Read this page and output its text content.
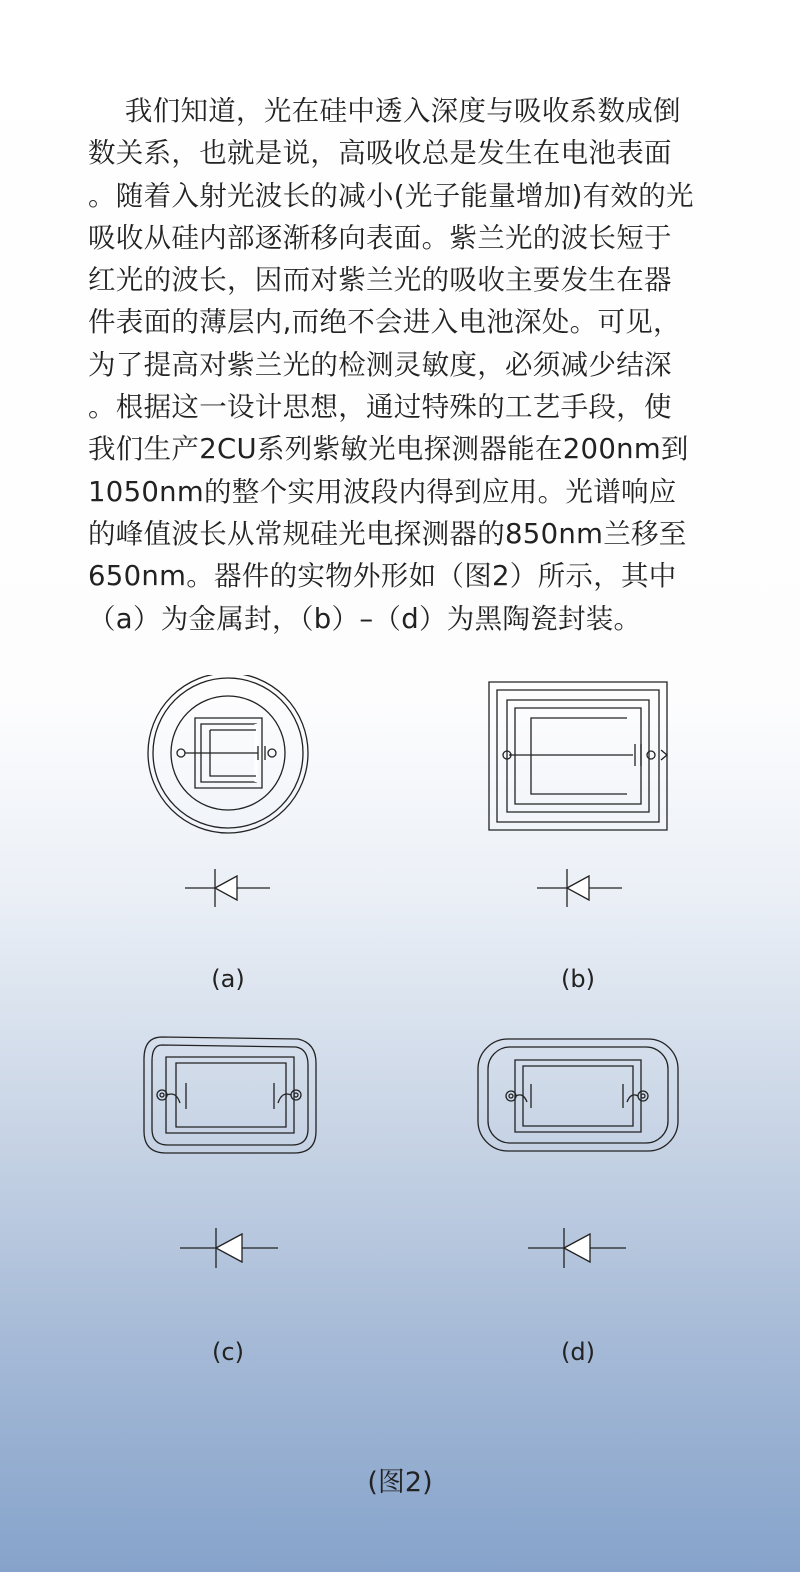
　 我们知道，光在硅中透入深度与吸收系数成倒
数关系，也就是说，高吸收总是发生在电池表面
。随着入射光波长的减小(光子能量增加)有效的光
吸收从硅内部逐渐移向表面。紫兰光的波长短于
红光的波长，因而对紫兰光的吸收主要发生在器
件表面的薄层内,而绝不会进入电池深处。可见，
为了提高对紫兰光的检测灵敏度，必须减少结深
。根据这一设计思想，通过特殊的工艺手段，使
我们生产2CU系列紫敏光电探测器能在200nm到
1050nm的整个实用波段内得到应用。光谱响应
的峰值波长从常规硅光电探测器的850nm兰移至
650nm。器件的实物外形如（图2）所示，其中
（a）为金属封，（b）–（d）为黑陶瓷封装。
(a)	(b)
(c)	(d)
(图2)
